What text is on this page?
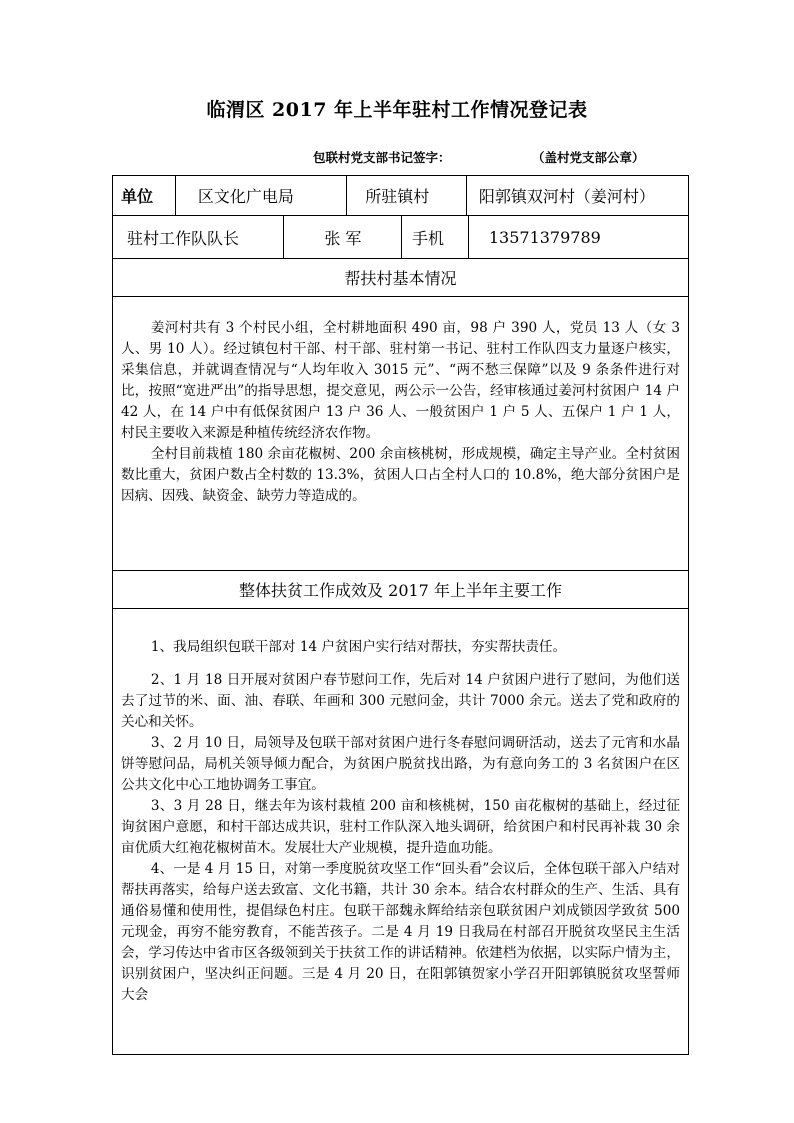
临渭区 2017 年上半年驻村工作情况登记表
包联村党支部书记签字：	（盖村党支部公章）
单位	区文化广电局	所驻镇村	阳郭镇双河村（姜河村）
驻村工作队队长	张 军	手机	13571379789
帮扶村基本情况

姜河村共有 3 个村民小组，全村耕地面积 490 亩，98 户 390 人，党员 13 人（女 3 人、男 10 人）。经过镇包村干部、村干部、驻村第一书记、驻村工作队四支力量逐户核实，采集信息，并就调查情况与“人均年收入 3015 元”、“两不愁三保障”以及 9 条条件进行对比，按照“宽进严出”的指导思想，提交意见，两公示一公告，经审核通过姜河村贫困户 14 户 42 人，在 14 户中有低保贫困户 13 户 36 人、一般贫困户 1 户 5 人、五保户 1 户 1 人，村民主要收入来源是种植传统经济农作物。

全村目前栽植 180 余亩花椒树、200 余亩核桃树，形成规模，确定主导产业。全村贫困数比重大，贫困户数占全村数的 13.3%，贫困人口占全村人口的 10.8%，绝大部分贫困户是因病、因残、缺资金、缺劳力等造成的。

整体扶贫工作成效及 2017 年上半年主要工作

1、我局组织包联干部对 14 户贫困户实行结对帮扶，夯实帮扶责任。

2、1 月 18 日开展对贫困户春节慰问工作，先后对 14 户贫困户进行了慰问，为他们送去了过节的米、面、油、春联、年画和 300 元慰问金，共计 7000 余元。送去了党和政府的关心和关怀。

3、2 月 10 日，局领导及包联干部对贫困户进行冬春慰问调研活动，送去了元宵和水晶饼等慰问品，局机关领导倾力配合，为贫困户脱贫找出路，为有意向务工的 3 名贫困户在区公共文化中心工地协调务工事宜。

3、3 月 28 日，继去年为该村栽植 200 亩和核桃树，150 亩花椒树的基础上，经过征询贫困户意愿，和村干部达成共识，驻村工作队深入地头调研，给贫困户和村民再补栽 30 余亩优质大红袍花椒树苗木。发展壮大产业规模，提升造血功能。

4、一是 4 月 15 日，对第一季度脱贫攻坚工作“回头看”会议后，全体包联干部入户结对帮扶再落实，给每户送去致富、文化书籍，共计 30 余本。结合农村群众的生产、生活、具有通俗易懂和使用性，提倡绿色村庄。包联干部魏永辉给结亲包联贫困户刘成锁因学致贫 500 元现金，再穷不能穷教育，不能苦孩子。二是 4 月 19 日我局在村部召开脱贫攻坚民主生活会，学习传达中省市区各级领到关于扶贫工作的讲话精神。依建档为依据，以实际户情为主，识别贫困户，坚决纠正问题。三是 4 月 20 日，在阳郭镇贺家小学召开阳郭镇脱贫攻坚誓师大会
